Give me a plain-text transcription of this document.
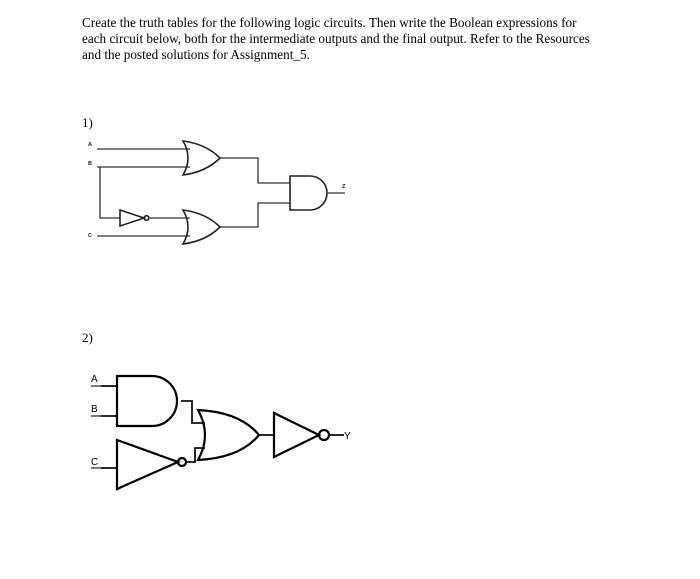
Create the truth tables for the following logic circuits. Then write the Boolean expressions for
each circuit below, both for the intermediate outputs and the final output. Refer to the Resources
and the posted solutions for Assignment_5.
1)
2)
A
B
C
Z
A
B
C
Y
